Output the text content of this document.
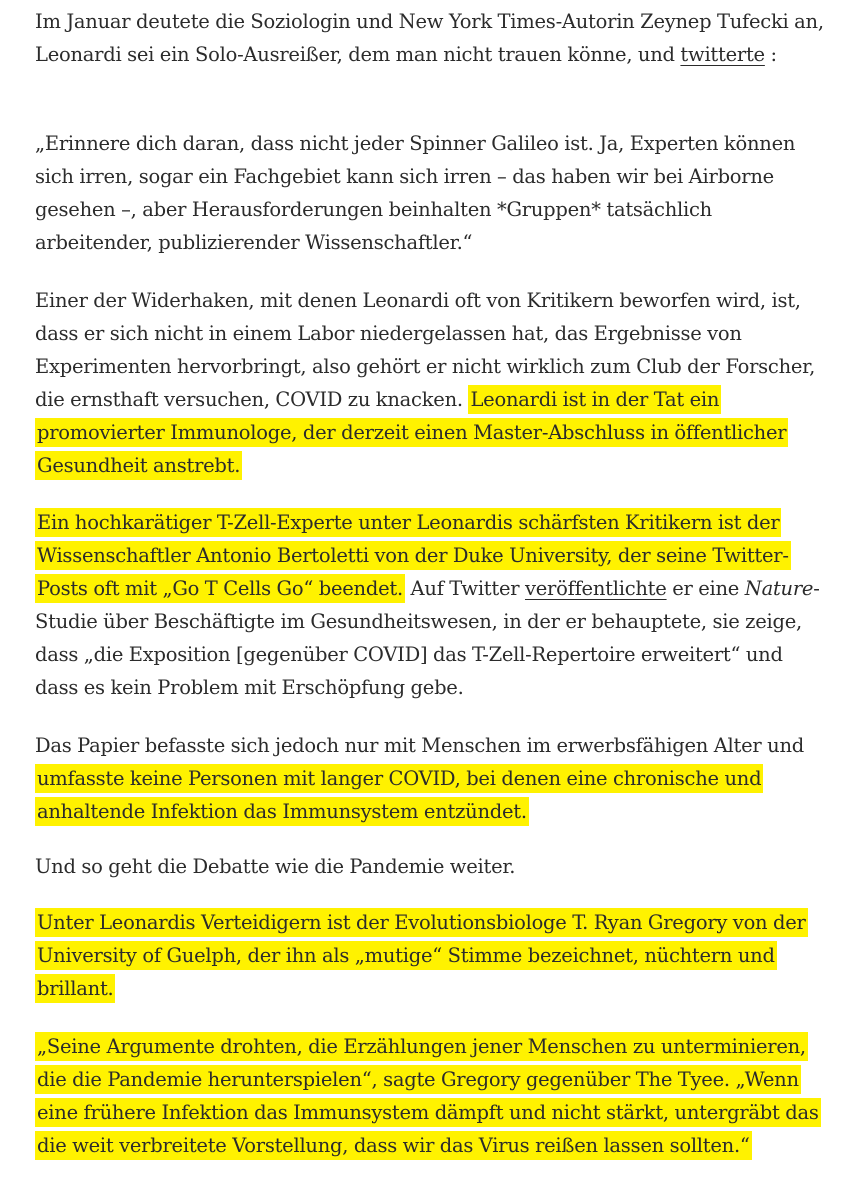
Im Januar deutete die Soziologin und New York Times-Autorin Zeynep Tufecki an, Leonardi sei ein Solo-Ausreißer, dem man nicht trauen könne, und twitterte :

„Erinnere dich daran, dass nicht jeder Spinner Galileo ist. Ja, Experten können sich irren, sogar ein Fachgebiet kann sich irren – das haben wir bei Airborne gesehen –, aber Herausforderungen beinhalten *Gruppen* tatsächlich arbeitender, publizierender Wissenschaftler.“

Einer der Widerhaken, mit denen Leonardi oft von Kritikern beworfen wird, ist, dass er sich nicht in einem Labor niedergelassen hat, das Ergebnisse von Experimenten hervorbringt, also gehört er nicht wirklich zum Club der Forscher, die ernsthaft versuchen, COVID zu knacken. Leonardi ist in der Tat ein promovierter Immunologe, der derzeit einen Master-Abschluss in öffentlicher Gesundheit anstrebt.

Ein hochkarätiger T-Zell-Experte unter Leonardis schärfsten Kritikern ist der Wissenschaftler Antonio Bertoletti von der Duke University, der seine Twitter-Posts oft mit „Go T Cells Go“ beendet. Auf Twitter veröffentlichte er eine Nature- Studie über Beschäftigte im Gesundheitswesen, in der er behauptete, sie zeige, dass „die Exposition [gegenüber COVID] das T-Zell-Repertoire erweitert“ und dass es kein Problem mit Erschöpfung gebe.

Das Papier befasste sich jedoch nur mit Menschen im erwerbsfähigen Alter und umfasste keine Personen mit langer COVID, bei denen eine chronische und anhaltende Infektion das Immunsystem entzündet.

Und so geht die Debatte wie die Pandemie weiter.

Unter Leonardis Verteidigern ist der Evolutionsbiologe T. Ryan Gregory von der University of Guelph, der ihn als „mutige“ Stimme bezeichnet, nüchtern und brillant.

„Seine Argumente drohten, die Erzählungen jener Menschen zu unterminieren, die die Pandemie herunterspielen“, sagte Gregory gegenüber The Tyee. „Wenn eine frühere Infektion das Immunsystem dämpft und nicht stärkt, untergräbt das die weit verbreitete Vorstellung, dass wir das Virus reißen lassen sollten.“
